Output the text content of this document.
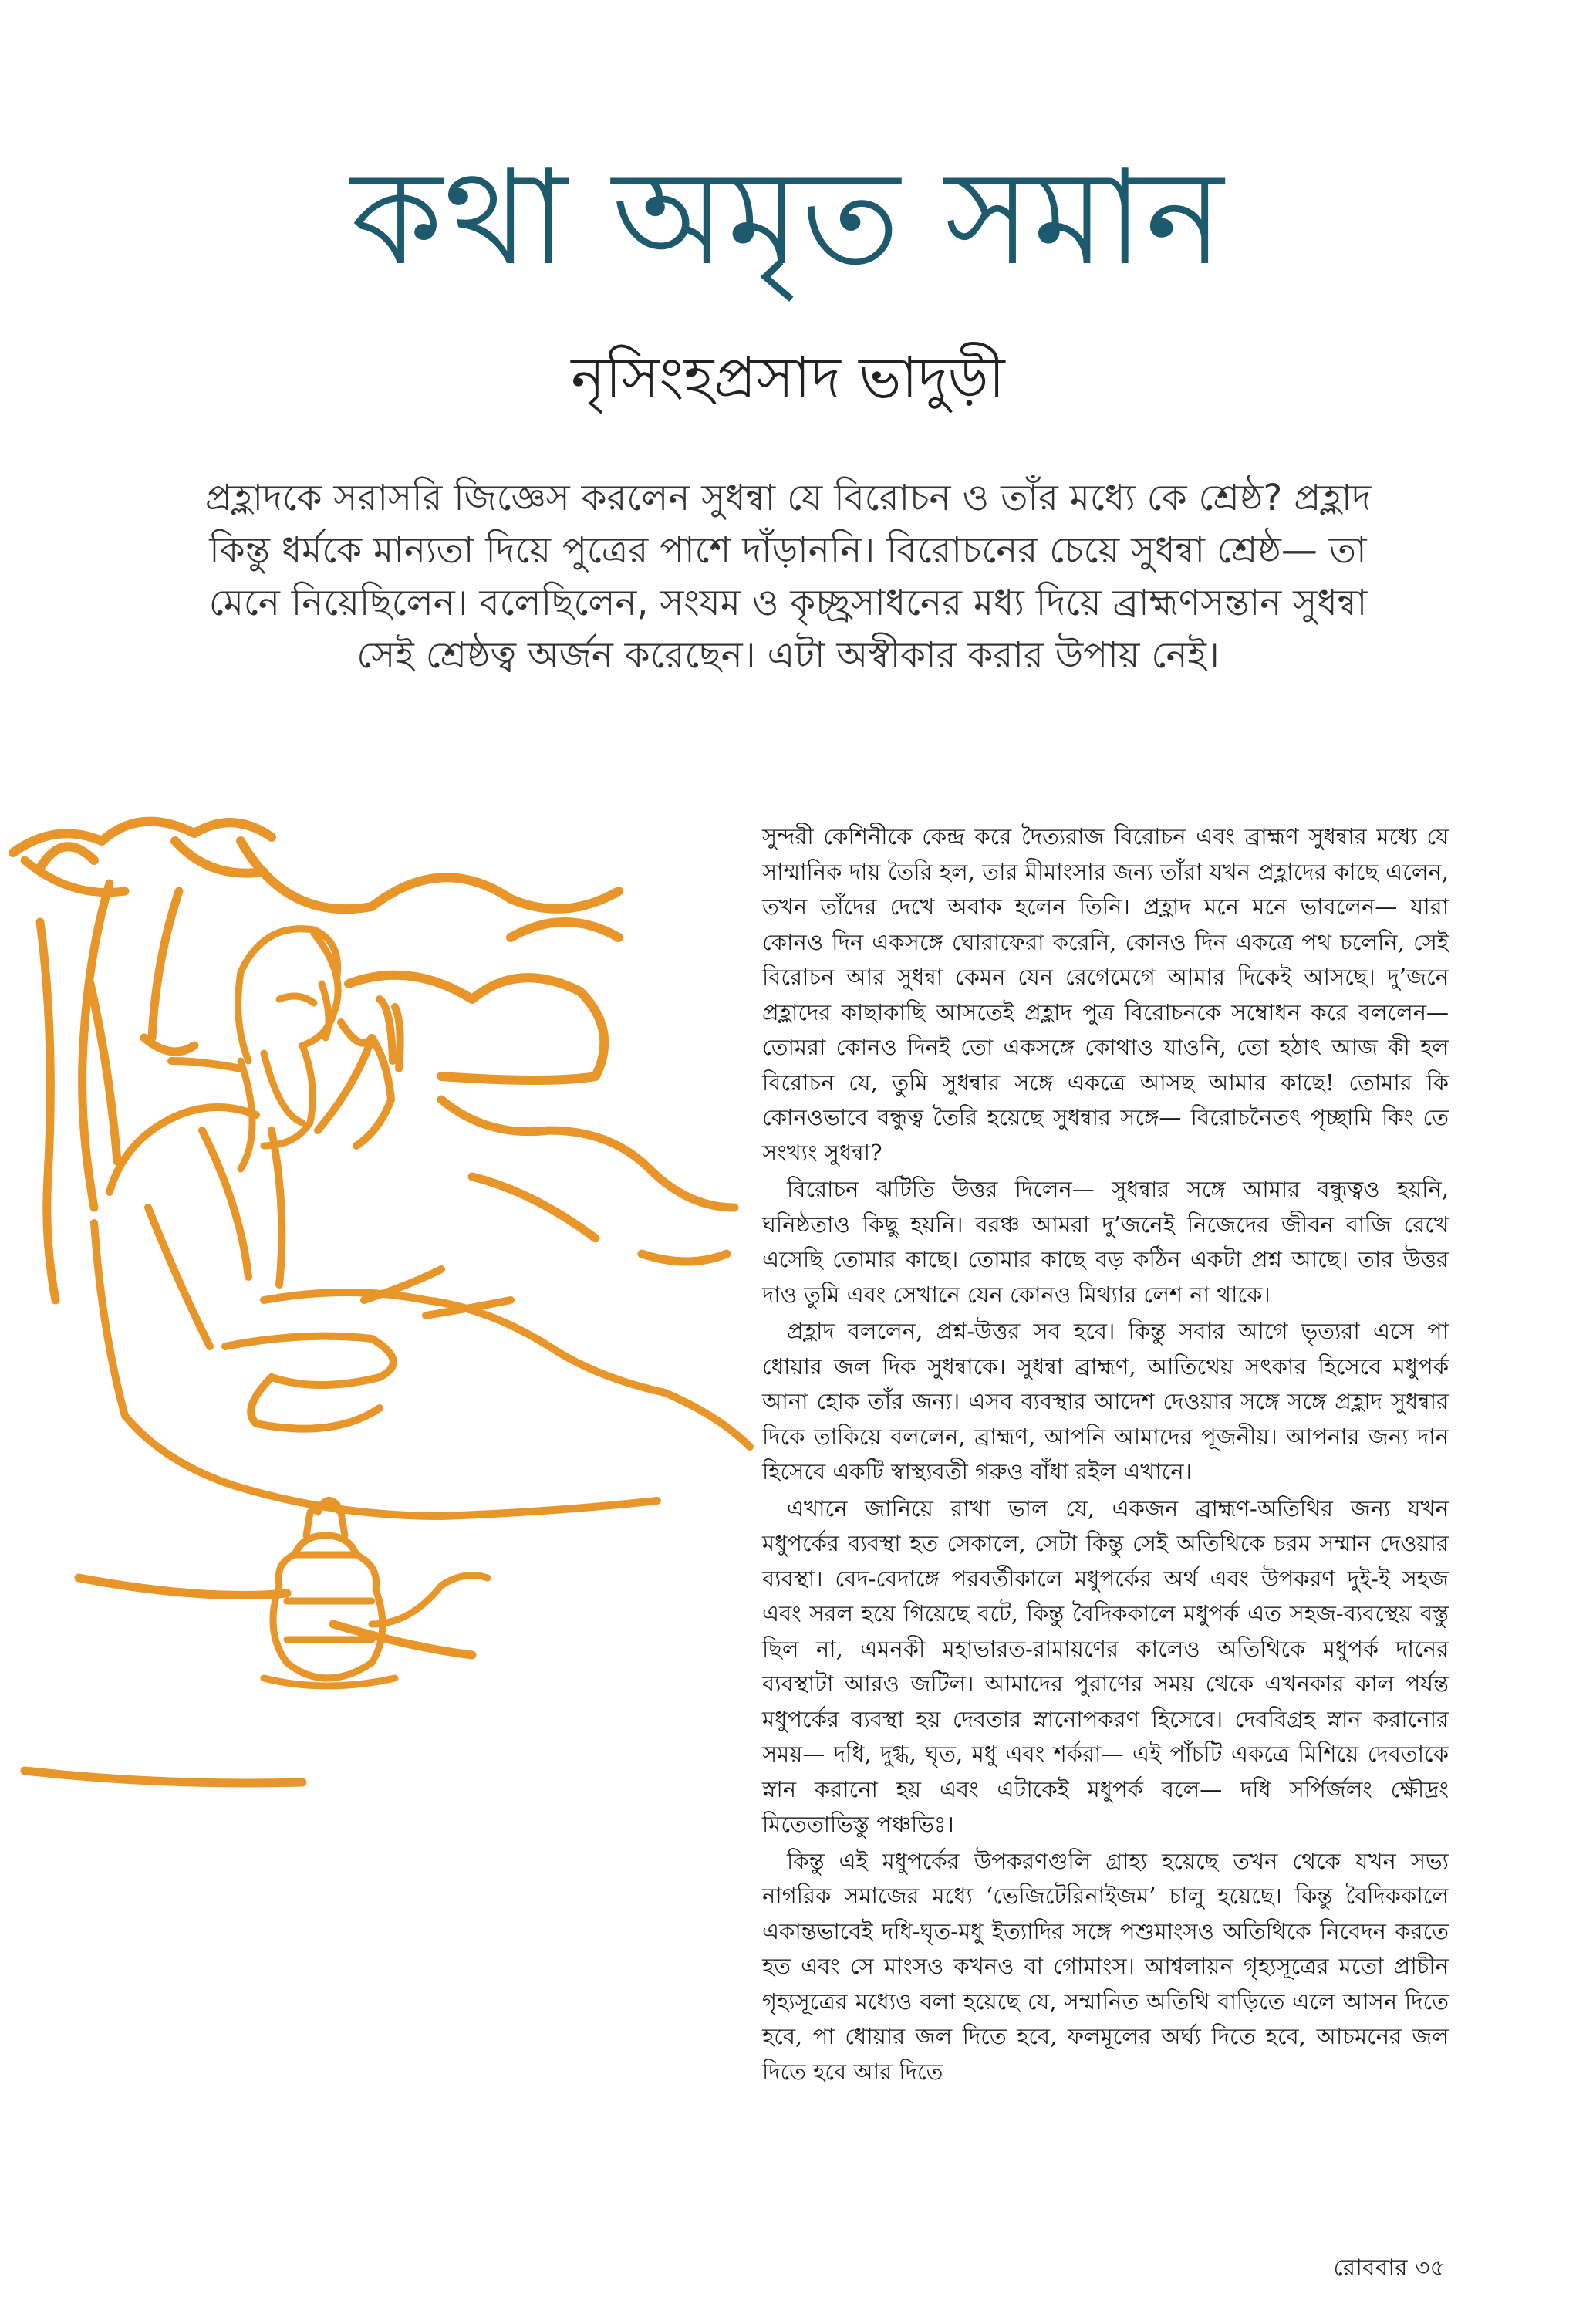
কথা অমৃত সমান
নৃসিংহপ্রসাদ ভাদুড়ী
প্রহ্লাদকে সরাসরি জিজ্ঞেস করলেন সুধন্বা যে বিরোচন ও তাঁর মধ্যে কে শ্রেষ্ঠ? প্রহ্লাদ কিন্তু ধর্মকে মান্যতা দিয়ে পুত্রের পাশে দাঁড়াননি। বিরোচনের চেয়ে সুধন্বা শ্রেষ্ঠ— তা মেনে নিয়েছিলেন। বলেছিলেন, সংযম ও কৃচ্ছ্রসাধনের মধ্য দিয়ে ব্রাহ্মণসন্তান সুধন্বা সেই শ্রেষ্ঠত্ব অর্জন করেছেন। এটা অস্বীকার করার উপায় নেই।

সুন্দরী কেশিনীকে কেন্দ্র করে দৈত্যরাজ বিরোচন এবং ব্রাহ্মণ সুধন্বার মধ্যে যে সাম্মানিক দায় তৈরি হল, তার মীমাংসার জন্য তাঁরা যখন প্রহ্লাদের কাছে এলেন, তখন তাঁদের দেখে অবাক হলেন তিনি। প্রহ্লাদ মনে মনে ভাবলেন— যারা কোনও দিন একসঙ্গে ঘোরাফেরা করেনি, কোনও দিন একত্রে পথ চলেনি, সেই বিরোচন আর সুধন্বা কেমন যেন রেগেমেগে আমার দিকেই আসছে। দু’জনে প্রহ্লাদের কাছাকাছি আসতেই প্রহ্লাদ পুত্র বিরোচনকে সম্বোধন করে বললেন— তোমরা কোনও দিনই তো একসঙ্গে কোথাও যাওনি, তো হঠাৎ আজ কী হল বিরোচন যে, তুমি সুধন্বার সঙ্গে একত্রে আসছ আমার কাছে! তোমার কি কোনওভাবে বন্ধুত্ব তৈরি হয়েছে সুধন্বার সঙ্গে— বিরোচনৈতৎ পৃচ্ছামি কিং তে সংখ্যং সুধন্বা?

বিরোচন ঝটিতি উত্তর দিলেন— সুধন্বার সঙ্গে আমার বন্ধুত্বও হয়নি, ঘনিষ্ঠতাও কিছু হয়নি। বরঞ্চ আমরা দু’জনেই নিজেদের জীবন বাজি রেখে এসেছি তোমার কাছে। তোমার কাছে বড় কঠিন একটা প্রশ্ন আছে। তার উত্তর দাও তুমি এবং সেখানে যেন কোনও মিথ্যার লেশ না থাকে।

প্রহ্লাদ বললেন, প্রশ্ন-উত্তর সব হবে। কিন্তু সবার আগে ভৃত্যরা এসে পা ধোয়ার জল দিক সুধন্বাকে। সুধন্বা ব্রাহ্মণ, আতিথেয় সৎকার হিসেবে মধুপর্ক আনা হোক তাঁর জন্য। এসব ব্যবস্থার আদেশ দেওয়ার সঙ্গে সঙ্গে প্রহ্লাদ সুধন্বার দিকে তাকিয়ে বললেন, ব্রাহ্মণ, আপনি আমাদের পূজনীয়। আপনার জন্য দান হিসেবে একটি স্বাস্থ্যবতী গরুও বাঁধা রইল এখানে।

এখানে জানিয়ে রাখা ভাল যে, একজন ব্রাহ্মণ-অতিথির জন্য যখন মধুপর্কের ব্যবস্থা হত সেকালে, সেটা কিন্তু সেই অতিথিকে চরম সম্মান দেওয়ার ব্যবস্থা। বেদ-বেদাঙ্গে পরবর্তীকালে মধুপর্কের অর্থ এবং উপকরণ দুই-ই সহজ এবং সরল হয়ে গিয়েছে বটে, কিন্তু বৈদিককালে মধুপর্ক এত সহজ-ব্যবস্থেয় বস্তু ছিল না, এমনকী মহাভারত-রামায়ণের কালেও অতিথিকে মধুপর্ক দানের ব্যবস্থাটা আরও জটিল। আমাদের পুরাণের সময় থেকে এখনকার কাল পর্যন্ত মধুপর্কের ব্যবস্থা হয় দেবতার স্নানোপকরণ হিসেবে। দেববিগ্রহ স্নান করানোর সময়— দধি, দুগ্ধ, ঘৃত, মধু এবং শর্করা— এই পাঁচটি একত্রে মিশিয়ে দেবতাকে স্নান করানো হয় এবং এটাকেই মধুপর্ক বলে— দধি সর্পির্জলং ক্ষৌদ্রং মিতেতাভিস্তু পঞ্চভিঃ।

কিন্তু এই মধুপর্কের উপকরণগুলি গ্রাহ্য হয়েছে তখন থেকে যখন সভ্য নাগরিক সমাজের মধ্যে ‘ভেজিটেরিনাইজম’ চালু হয়েছে। কিন্তু বৈদিককালে একান্তভাবেই দধি-ঘৃত-মধু ইত্যাদির সঙ্গে পশুমাংসও অতিথিকে নিবেদন করতে হত এবং সে মাংসও কখনও বা গোমাংস। আশ্বলায়ন গৃহ্যসূত্রের মতো প্রাচীন গৃহ্যসূত্রের মধ্যেও বলা হয়েছে যে, সম্মানিত অতিথি বাড়িতে এলে আসন দিতে হবে, পা ধোয়ার জল দিতে হবে, ফলমূলের অর্ঘ্য দিতে হবে, আচমনের জল দিতে হবে আর দিতে

রোববার ৩৫
